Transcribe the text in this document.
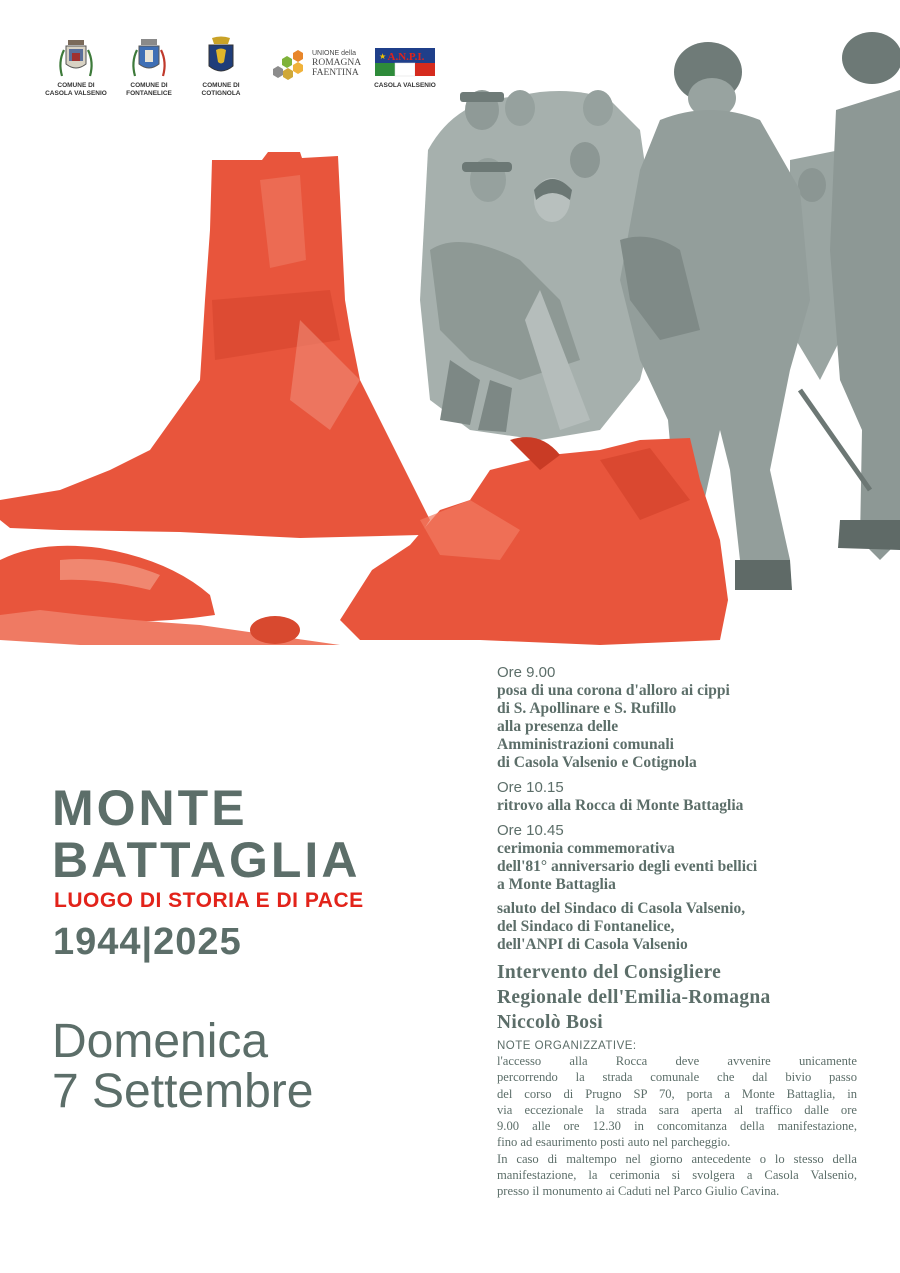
COMUNE DI
CASOLA VALSENIO
COMUNE DI
FONTANELICE
COMUNE DI
COTIGNOLA
UNIONE della
ROMAGNA
FAENTINA
A.N.P.I.
★
CASOLA VALSENIO
MONTE
BATTAGLIA
LUOGO DI STORIA E DI PACE
1944|2025
Domenica
7 Settembre
Ore 9.00
posa di una corona d'alloro ai cippi
di S. Apollinare e S. Rufillo
alla presenza delle
Amministrazioni comunali
di Casola Valsenio e Cotignola
Ore 10.15
ritrovo alla Rocca di Monte Battaglia
Ore 10.45
cerimonia commemorativa
dell'81° anniversario degli eventi bellici
a Monte Battaglia
saluto del Sindaco di Casola Valsenio,
del Sindaco di Fontanelice,
dell'ANPI di Casola Valsenio
Intervento del Consigliere
Regionale dell'Emilia-Romagna
Niccolò Bosi
NOTE ORGANIZZATIVE:
l'accesso alla Rocca deve avvenire unicamente
percorrendo la strada comunale che dal bivio passo
del corso di Prugno SP 70, porta a Monte Battaglia, in
via eccezionale la strada sara aperta al traffico dalle ore
9.00 alle ore 12.30 in concomitanza della manifestazione,
fino ad esaurimento posti auto nel parcheggio.
In caso di maltempo nel giorno antecedente o lo stesso della
manifestazione, la cerimonia si svolgera a Casola Valsenio,
presso il monumento ai Caduti nel Parco Giulio Cavina.
